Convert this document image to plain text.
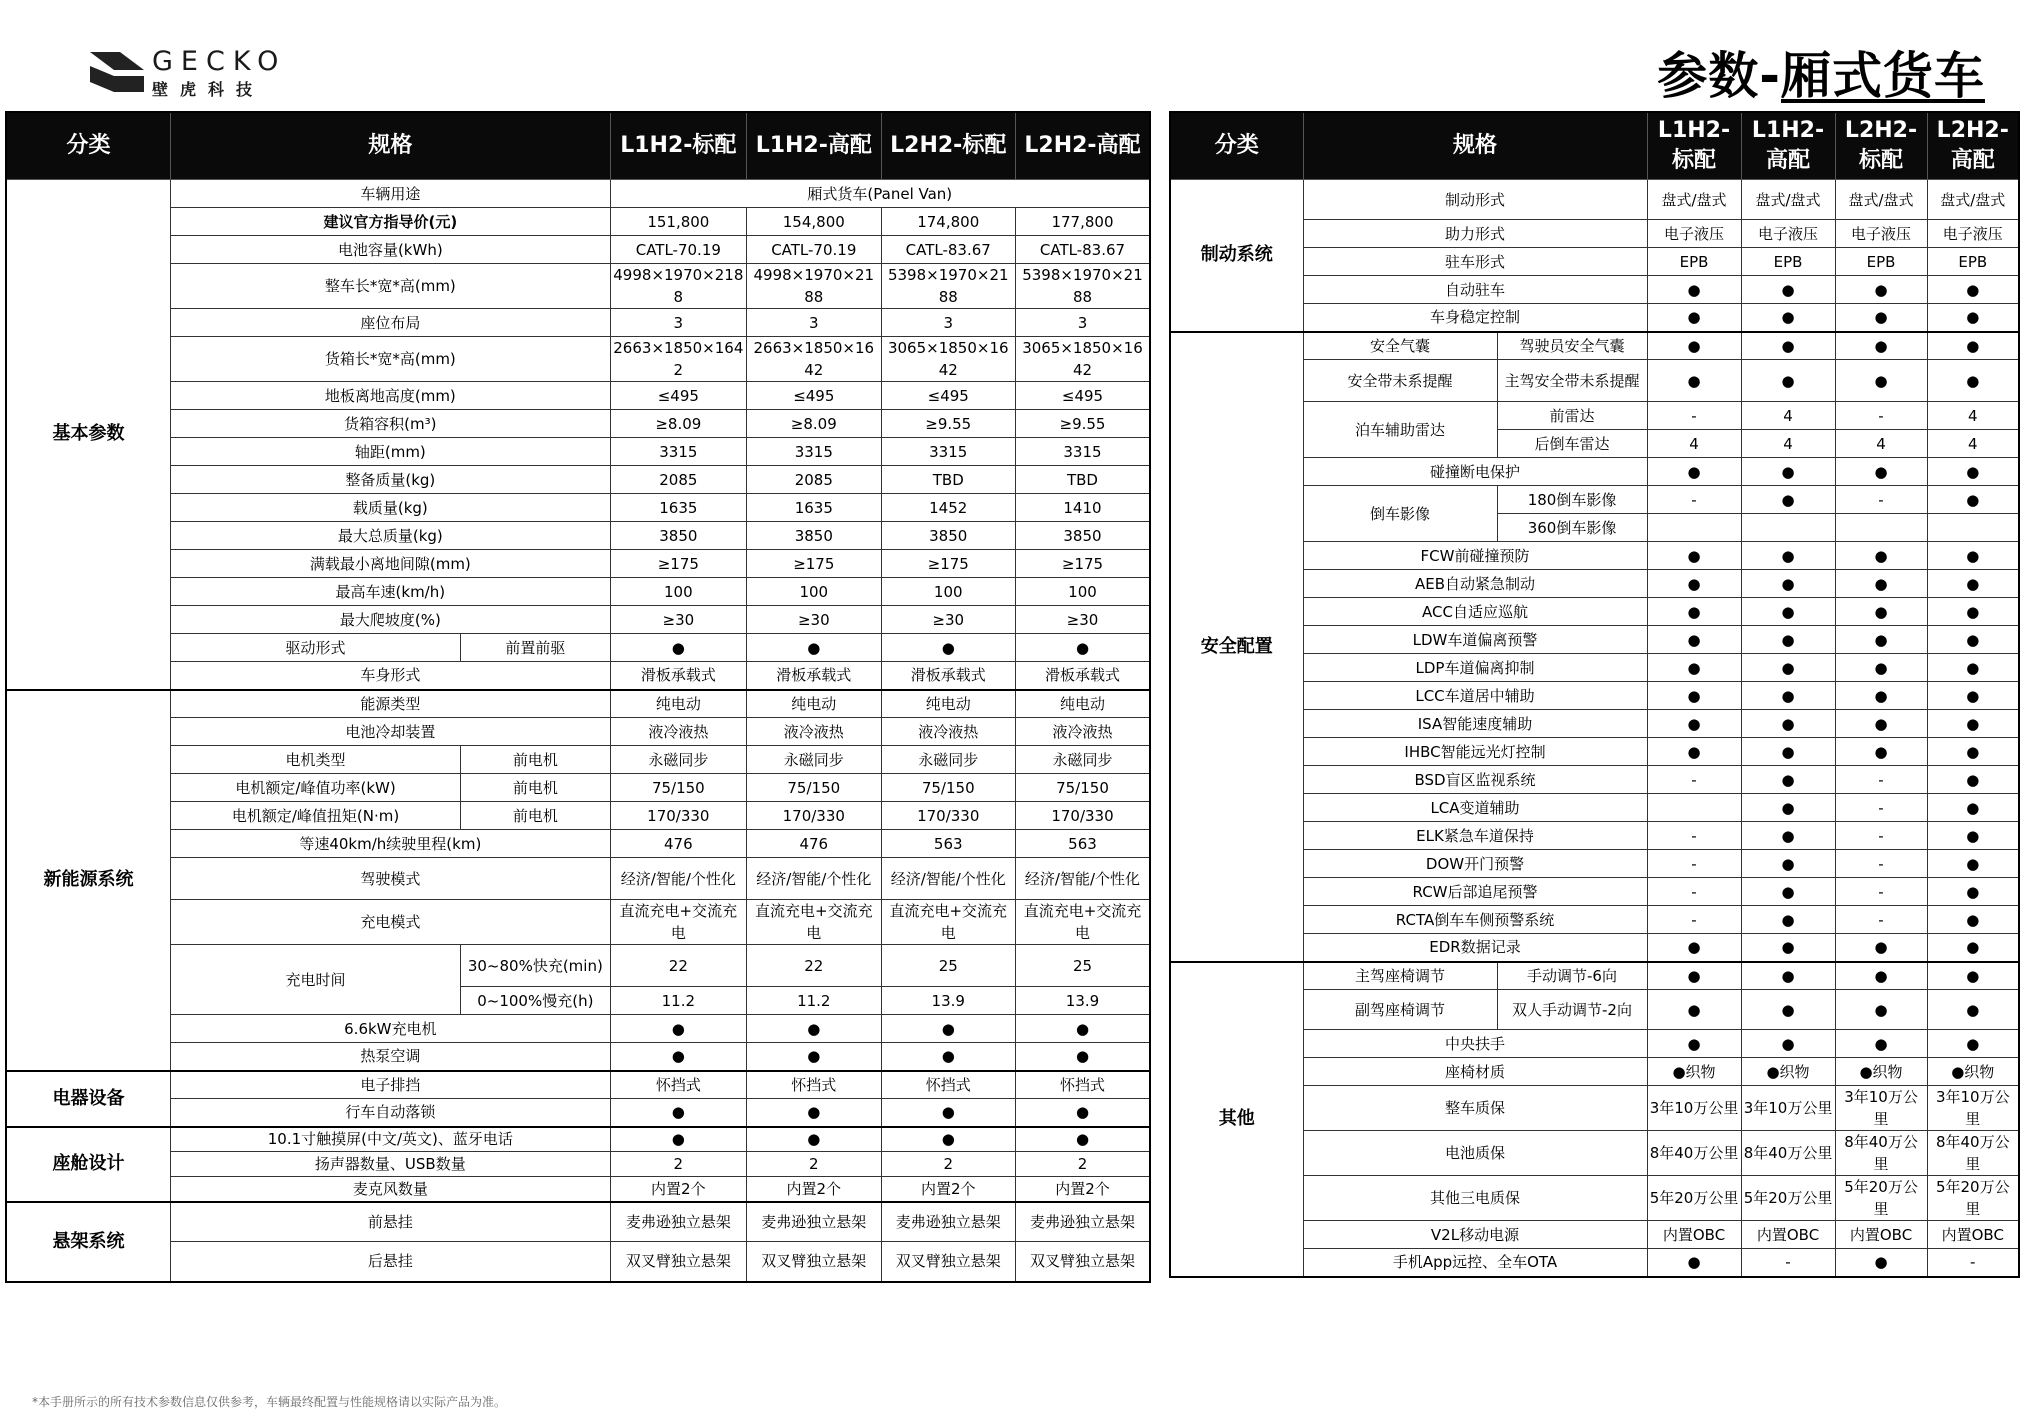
GECKO
壁虎科技	参数-厢式货车
分类	规格		L1H2-标配	L1H2-高配	L2H2-标配	L2H2-高配
基本参数	车辆用途		厢式货车(Panel Van)			
	建议官方指导价(元)		151,800	154,800	174,800	177,800
	电池容量(kWh)		CATL-70.19	CATL-70.19	CATL-83.67	CATL-83.67
	整车长*宽*高(mm)		4998×1970×2188	4998×1970×2188	5398×1970×2188	5398×1970×2188
	座位布局		3	3	3	3
	货箱长*宽*高(mm)		2663×1850×1642	2663×1850×1642	3065×1850×1642	3065×1850×1642
	地板离地高度(mm)		≤495	≤495	≤495	≤495
	货箱容积(m³)		≥8.09	≥8.09	≥9.55	≥9.55
	轴距(mm)		3315	3315	3315	3315
	整备质量(kg)		2085	2085	TBD	TBD
	载质量(kg)		1635	1635	1452	1410
	最大总质量(kg)		3850	3850	3850	3850
	满载最小离地间隙(mm)		≥175	≥175	≥175	≥175
	最高车速(km/h)		100	100	100	100
	最大爬坡度(%)		≥30	≥30	≥30	≥30
	驱动形式	前置前驱	●	●	●	●
	车身形式		滑板承载式	滑板承载式	滑板承载式	滑板承载式
新能源系统	能源类型		纯电动	纯电动	纯电动	纯电动
	电池冷却装置		液冷液热	液冷液热	液冷液热	液冷液热
	电机类型	前电机	永磁同步	永磁同步	永磁同步	永磁同步
	电机额定/峰值功率(kW)	前电机	75/150	75/150	75/150	75/150
	电机额定/峰值扭矩(N·m)	前电机	170/330	170/330	170/330	170/330
	等速40km/h续驶里程(km)		476	476	563	563
	驾驶模式		经济/智能/个性化	经济/智能/个性化	经济/智能/个性化	经济/智能/个性化
	充电模式		直流充电+交流充电	直流充电+交流充电	直流充电+交流充电	直流充电+交流充电
	充电时间	30~80%快充(min)	22	22	25	25
		0~100%慢充(h)	11.2	11.2	13.9	13.9
	6.6kW充电机		●	●	●	●
	热泵空调		●	●	●	●
电器设备	电子排挡		怀挡式	怀挡式	怀挡式	怀挡式
	行车自动落锁		●	●	●	●
座舱设计	10.1寸触摸屏(中文/英文)、蓝牙电话		●	●	●	●
	扬声器数量、USB数量		2	2	2	2
	麦克风数量		内置2个	内置2个	内置2个	内置2个
悬架系统	前悬挂		麦弗逊独立悬架	麦弗逊独立悬架	麦弗逊独立悬架	麦弗逊独立悬架
	后悬挂		双叉臂独立悬架	双叉臂独立悬架	双叉臂独立悬架	双叉臂独立悬架
分类	规格		L1H2-标配	L1H2-高配	L2H2-标配	L2H2-高配
制动系统	制动形式		盘式/盘式	盘式/盘式	盘式/盘式	盘式/盘式
	助力形式		电子液压	电子液压	电子液压	电子液压
	驻车形式		EPB	EPB	EPB	EPB
	自动驻车		●	●	●	●
	车身稳定控制		●	●	●	●
安全配置	安全气囊	驾驶员安全气囊	●	●	●	●
	安全带未系提醒	主驾安全带未系提醒	●	●	●	●
	泊车辅助雷达	前雷达	-	4	-	4
		后倒车雷达	4	4	4	4
	碰撞断电保护		●	●	●	●
	倒车影像	180倒车影像	-	●	-	●
		360倒车影像				
	FCW前碰撞预防		●	●	●	●
	AEB自动紧急制动		●	●	●	●
	ACC自适应巡航		●	●	●	●
	LDW车道偏离预警		●	●	●	●
	LDP车道偏离抑制		●	●	●	●
	LCC车道居中辅助		●	●	●	●
	ISA智能速度辅助		●	●	●	●
	IHBC智能远光灯控制		●	●	●	●
	BSD盲区监视系统		-	●	-	●
	LCA变道辅助			●	-	●
	ELK紧急车道保持		-	●	-	●
	DOW开门预警		-	●	-	●
	RCW后部追尾预警		-	●	-	●
	RCTA倒车车侧预警系统		-	●	-	●
	EDR数据记录		●	●	●	●
其他	主驾座椅调节	手动调节-6向	●	●	●	●
	副驾座椅调节	双人手动调节-2向	●	●	●	●
	中央扶手		●	●	●	●
	座椅材质		●织物	●织物	●织物	●织物
	整车质保		3年10万公里	3年10万公里	3年10万公里	3年10万公里
	电池质保		8年40万公里	8年40万公里	8年40万公里	8年40万公里
	其他三电质保		5年20万公里	5年20万公里	5年20万公里	5年20万公里
	V2L移动电源		内置OBC	内置OBC	内置OBC	内置OBC
	手机App远控、全车OTA		●	-	●	-
*本手册所示的所有技术参数信息仅供参考，车辆最终配置与性能规格请以实际产品为准。
